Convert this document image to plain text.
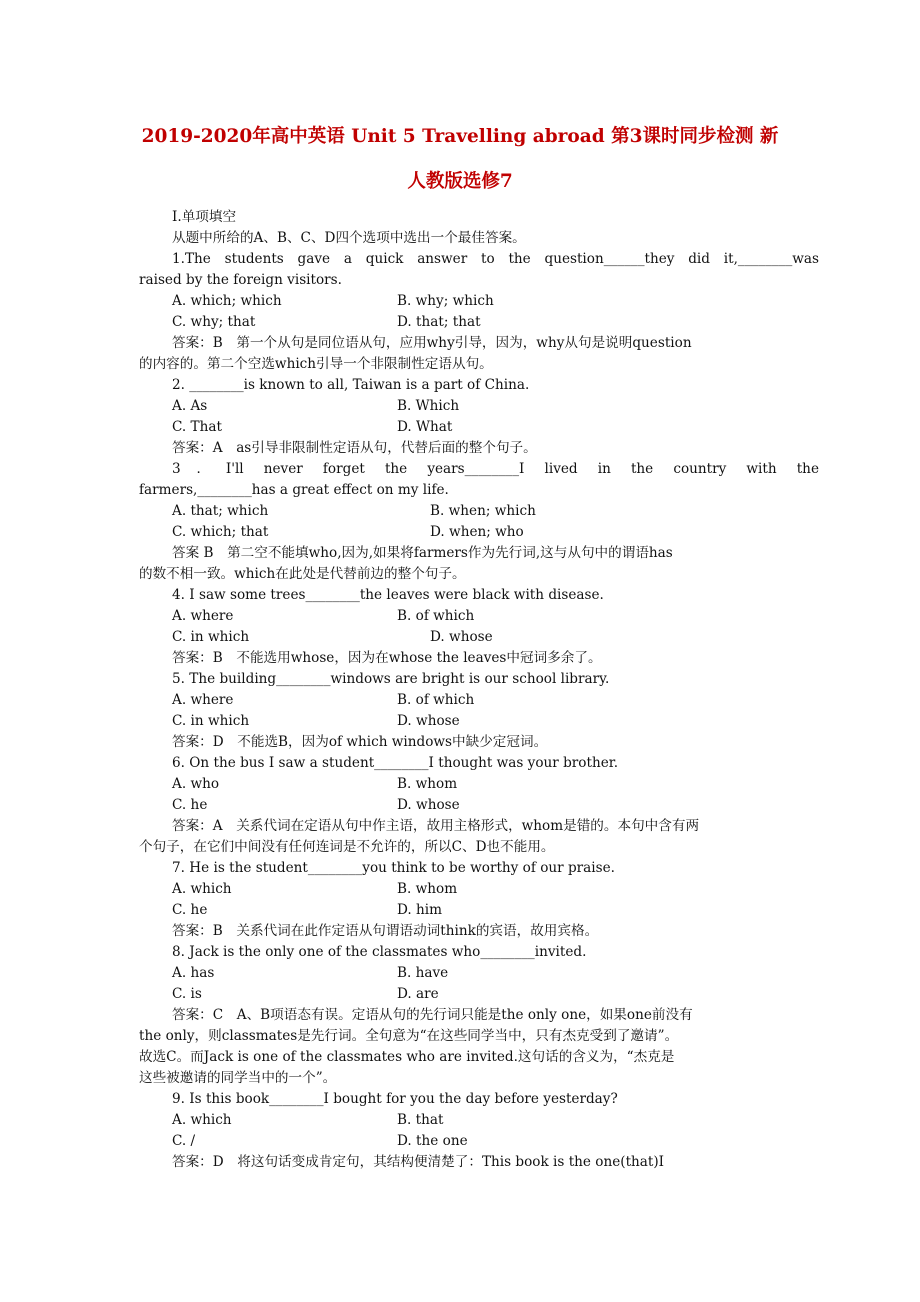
2019-2020年高中英语 Unit 5 Travelling abroad 第3课时同步检测 新
人教版选修7

Ⅰ.单项填空

从题中所给的A、B、C、D四个选项中选出一个最佳答案。

1.The students gave a quick answer to the question______they did it,________was

raised by the foreign visitors.

A. which; which	B. why; which
C. why; that	D. that; that

答案：B　第一个从句是同位语从句，应用why引导，因为，why从句是说明question

的内容的。第二个空选which引导一个非限制性定语从句。

2. ________is known to all, Taiwan is a part of China.

A. As	B. Which
C. That	D. What

答案：A　as引导非限制性定语从句，代替后面的整个句子。

3．I'll never forget the years________I lived in the country with the

farmers,________has a great effect on my life.

A. that; which	B. when; which
C. which; that	D. when; who

答案 B　第二空不能填who,因为,如果将farmers作为先行词,这与从句中的谓语has

的数不相一致。which在此处是代替前边的整个句子。

4. I saw some trees________the leaves were black with disease.

A. where	B. of which
C. in which	D. whose

答案：B　不能选用whose，因为在whose the leaves中冠词多余了。

5. The building________windows are bright is our school library.

A. where	B. of which
C. in which	D. whose

答案：D　不能选B，因为of which windows中缺少定冠词。

6. On the bus I saw a student________I thought was your brother.

A. who	B. whom
C. he	D. whose

答案：A　关系代词在定语从句中作主语，故用主格形式，whom是错的。本句中含有两

个句子，在它们中间没有任何连词是不允许的，所以C、D也不能用。

7. He is the student________you think to be worthy of our praise.

A. which	B. whom
C. he	D. him

答案：B　关系代词在此作定语从句谓语动词think的宾语，故用宾格。

8. Jack is the only one of the classmates who________invited.

A. has	B. have
C. is	D. are

答案：C　A、B项语态有误。定语从句的先行词只能是the only one，如果one前没有

the only，则classmates是先行词。全句意为“在这些同学当中，只有杰克受到了邀请”。

故选C。而Jack is one of the classmates who are invited.这句话的含义为，“杰克是

这些被邀请的同学当中的一个”。

9. Is this book________I bought for you the day before yesterday?

A. which	B. that
C. /	D. the one

答案：D　将这句话变成肯定句，其结构便清楚了：This book is the one(that)I
